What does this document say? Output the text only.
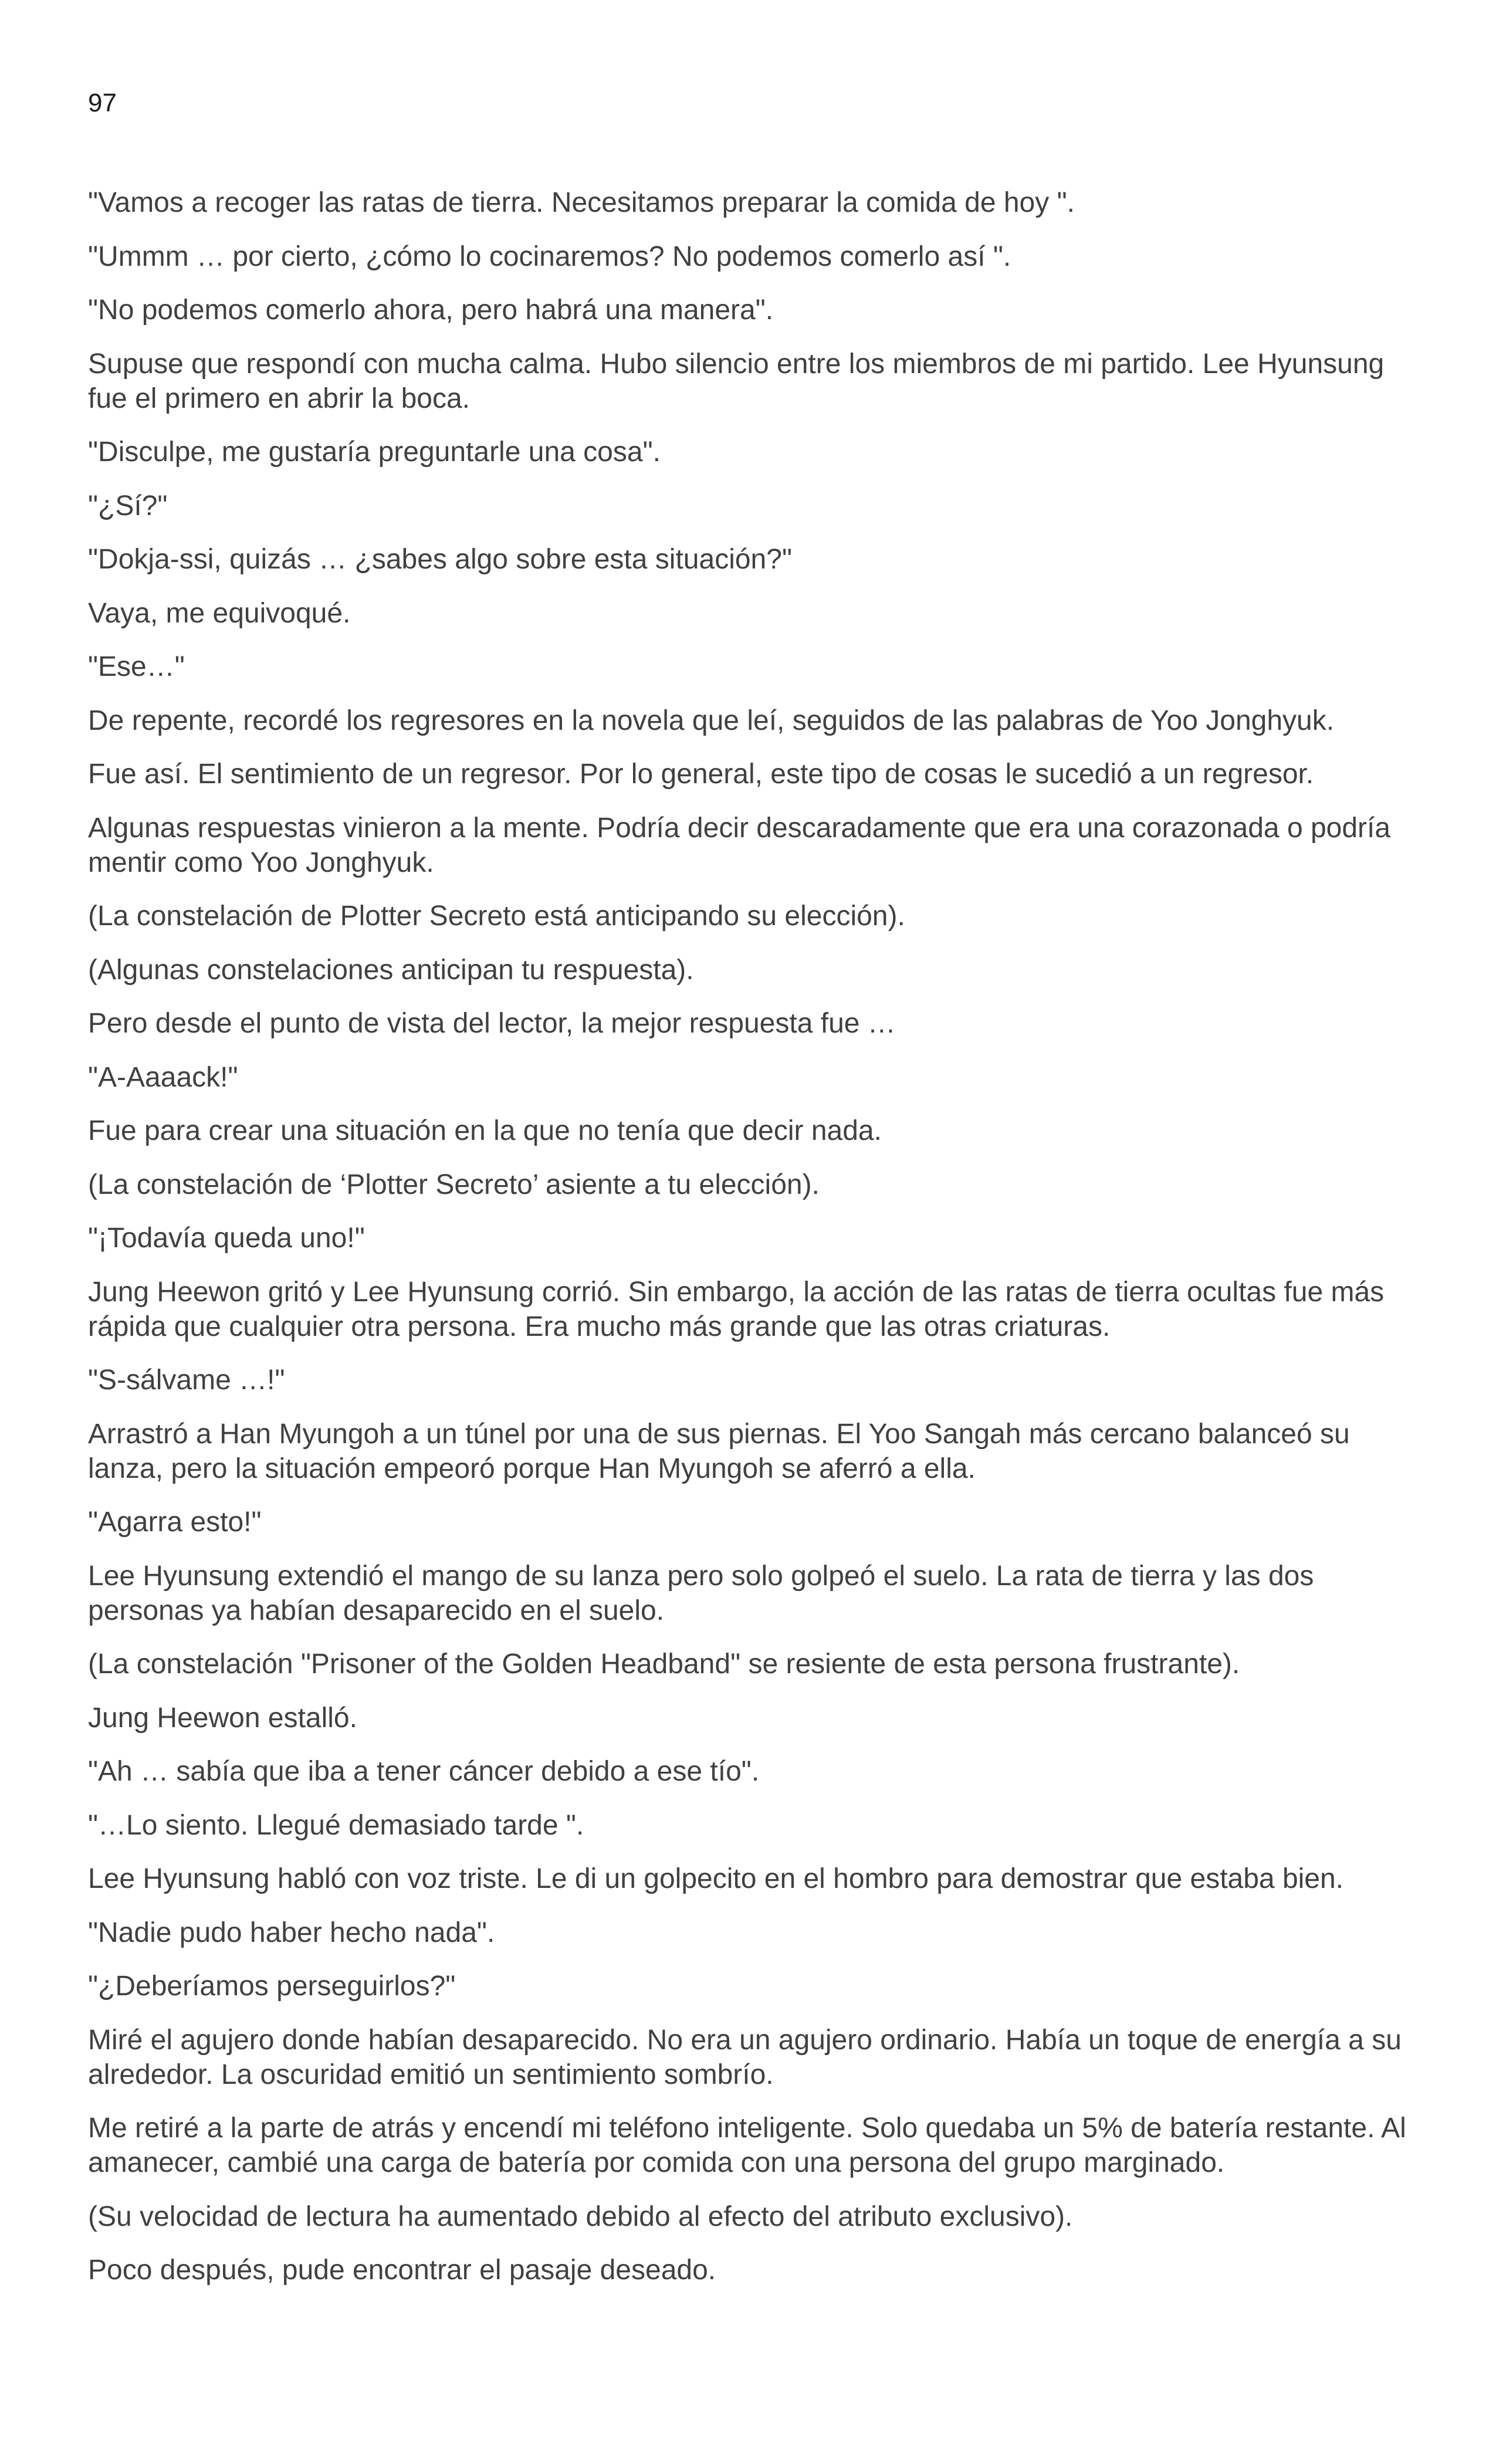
97

"Vamos a recoger las ratas de tierra. Necesitamos preparar la comida de hoy ".

"Ummm … por cierto, ¿cómo lo cocinaremos? No podemos comerlo así ".

"No podemos comerlo ahora, pero habrá una manera".

Supuse que respondí con mucha calma. Hubo silencio entre los miembros de mi partido. Lee Hyunsung fue el primero en abrir la boca.

"Disculpe, me gustaría preguntarle una cosa".

"¿Sí?"

"Dokja-ssi, quizás … ¿sabes algo sobre esta situación?"

Vaya, me equivoqué.

"Ese…"

De repente, recordé los regresores en la novela que leí, seguidos de las palabras de Yoo Jonghyuk.

Fue así. El sentimiento de un regresor. Por lo general, este tipo de cosas le sucedió a un regresor.

Algunas respuestas vinieron a la mente. Podría decir descaradamente que era una corazonada o podría mentir como Yoo Jonghyuk.

(La constelación de Plotter Secreto está anticipando su elección).

(Algunas constelaciones anticipan tu respuesta).

Pero desde el punto de vista del lector, la mejor respuesta fue …

"A-Aaaack!"

Fue para crear una situación en la que no tenía que decir nada.

(La constelación de ‘Plotter Secreto’ asiente a tu elección).

"¡Todavía queda uno!"

Jung Heewon gritó y Lee Hyunsung corrió. Sin embargo, la acción de las ratas de tierra ocultas fue más rápida que cualquier otra persona. Era mucho más grande que las otras criaturas.

"S-sálvame …!"

Arrastró a Han Myungoh a un túnel por una de sus piernas. El Yoo Sangah más cercano balanceó su lanza, pero la situación empeoró porque Han Myungoh se aferró a ella.

"Agarra esto!"

Lee Hyunsung extendió el mango de su lanza pero solo golpeó el suelo. La rata de tierra y las dos personas ya habían desaparecido en el suelo.

(La constelación "Prisoner of the Golden Headband" se resiente de esta persona frustrante).

Jung Heewon estalló.

"Ah … sabía que iba a tener cáncer debido a ese tío".

"…Lo siento. Llegué demasiado tarde ".

Lee Hyunsung habló con voz triste. Le di un golpecito en el hombro para demostrar que estaba bien.

"Nadie pudo haber hecho nada".

"¿Deberíamos perseguirlos?"

Miré el agujero donde habían desaparecido. No era un agujero ordinario. Había un toque de energía a su alrededor. La oscuridad emitió un sentimiento sombrío.

Me retiré a la parte de atrás y encendí mi teléfono inteligente. Solo quedaba un 5% de batería restante. Al amanecer, cambié una carga de batería por comida con una persona del grupo marginado.

(Su velocidad de lectura ha aumentado debido al efecto del atributo exclusivo).

Poco después, pude encontrar el pasaje deseado.
